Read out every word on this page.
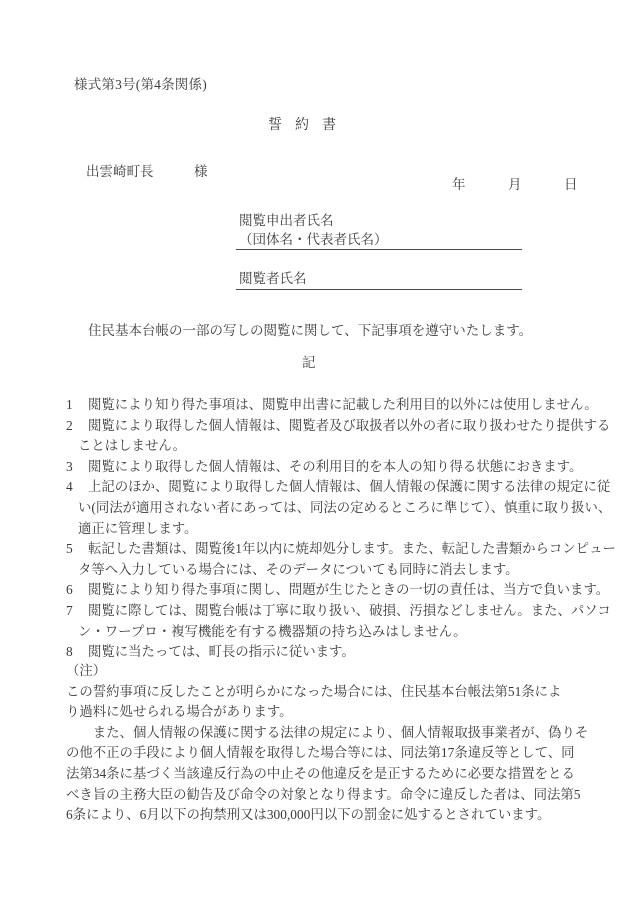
様式第3号(第4条関係)
誓約書
出雲崎町長　　　様
年　　　月　　　日
閲覧申出者氏名
（団体名・代表者氏名）
閲覧者氏名
住民基本台帳の一部の写しの閲覧に関して、下記事項を遵守いたします。
記
1	閲覧により知り得た事項は、閲覧申出書に記載した利用目的以外には使用しません。
2	閲覧により取得した個人情報は、閲覧者及び取扱者以外の者に取り扱わせたり提供する
ことはしません。
3	閲覧により取得した個人情報は、その利用目的を本人の知り得る状態におきます。
4	上記のほか、閲覧により取得した個人情報は、個人情報の保護に関する法律の規定に従
い(同法が適用されない者にあっては、同法の定めるところに準じて）、慎重に取り扱い、
適正に管理します。
5	転記した書類は、閲覧後1年以内に焼却処分します。また、転記した書類からコンピュー
タ等へ入力している場合には、そのデータについても同時に消去します。
6	閲覧により知り得た事項に関し、問題が生じたときの一切の責任は、当方で負います。
7	閲覧に際しては、閲覧台帳は丁寧に取り扱い、破損、汚損などしません。また、パソコ
ン・ワープロ・複写機能を有する機器類の持ち込みはしません。
8	閲覧に当たっては、町長の指示に従います。
（注）
この誓約事項に反したことが明らかになった場合には、住民基本台帳法第51条によ
り過料に処せられる場合があります。
　　また、個人情報の保護に関する法律の規定により、個人情報取扱事業者が、偽りそ
の他不正の手段により個人情報を取得した場合等には、同法第17条違反等として、同
法第34条に基づく当該違反行為の中止その他違反を是正するために必要な措置をとる
べき旨の主務大臣の勧告及び命令の対象となり得ます。命令に違反した者は、同法第5
6条により、6月以下の拘禁刑又は300,000円以下の罰金に処するとされています。
